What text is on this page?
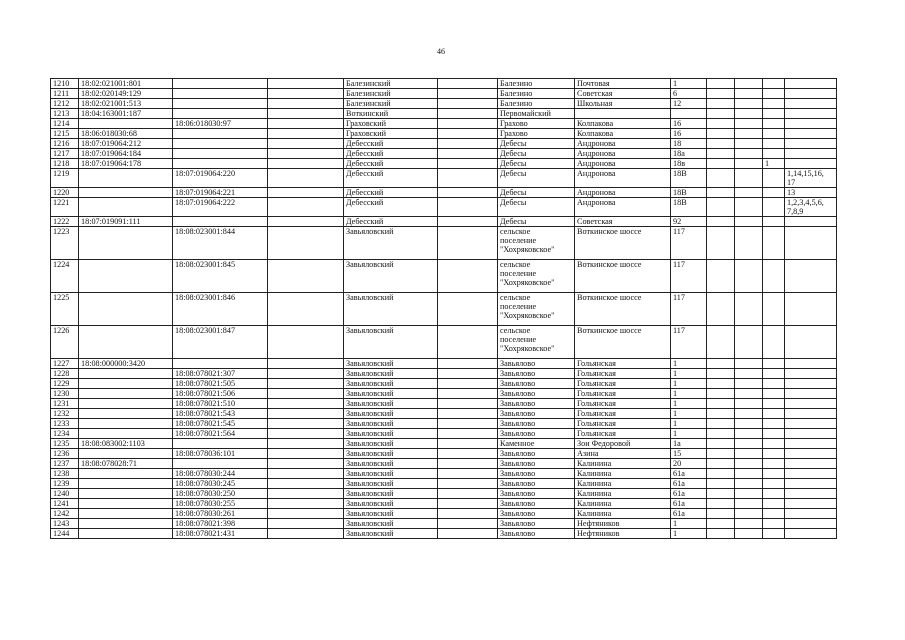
46
1210	18:02:021001:801			Балезинский		Балезино	Почтовая	1				
1211	18:02:020149:129			Балезинский		Балезино	Советская	6				
1212	18:02:021001:513			Балезинский		Балезино	Школьная	12				
1213	18:04:163001:187			Воткинский		Первомайский						
1214		18:06:018030:97		Граховский		Грахово	Колпакова	16				
1215	18:06:018030:68			Граховский		Грахово	Колпакова	16				
1216	18:07:019064:212			Дебесский		Дебесы	Андронова	18				
1217	18:07:019064:184			Дебесский		Дебесы	Андронова	18а				
1218	18:07:019064:178			Дебесский		Дебесы	Андронова	18в			1	
1219		18:07:019064:220		Дебесский		Дебесы	Андронова	18В				1,14,15,16,
17
1220		18:07:019064:221		Дебесский		Дебесы	Андронова	18В				13
1221		18:07:019064:222		Дебесский		Дебесы	Андронова	18В				1,2,3,4,5,6,
7,8,9
1222	18:07:019091:111			Дебесский		Дебесы	Советская	92				
1223		18:08:023001:844		Завьяловский		сельское
поселение
"Хохряковское"	Воткинское шоссе	117				
1224		18:08:023001:845		Завьяловский		сельское
поселение
"Хохряковское"	Воткинское шоссе	117				
1225		18:08:023001:846		Завьяловский		сельское
поселение
"Хохряковское"	Воткинское шоссе	117				
1226		18:08:023001:847		Завьяловский		сельское
поселение
"Хохряковское"	Воткинское шоссе	117				
1227	18:08:000000:3420			Завьяловский		Завьялово	Гольянская	1				
1228		18:08:078021:307		Завьяловский		Завьялово	Гольянская	1				
1229		18:08:078021:505		Завьяловский		Завьялово	Гольянская	1				
1230		18:08:078021:506		Завьяловский		Завьялово	Гольянская	1				
1231		18:08:078021:510		Завьяловский		Завьялово	Гольянская	1				
1232		18:08:078021:543		Завьяловский		Завьялово	Гольянская	1				
1233		18:08:078021:545		Завьяловский		Завьялово	Гольянская	1				
1234		18:08:078021:564		Завьяловский		Завьялово	Гольянская	1				
1235	18:08:083002:1103			Завьяловский		Каменное	Зои Федоровой	1а				
1236		18:08:078036:101		Завьяловский		Завьялово	Азина	15				
1237	18:08:078028:71			Завьяловский		Завьялово	Калинина	20				
1238		18:08:078030:244		Завьяловский		Завьялово	Калинина	61а				
1239		18:08:078030:245		Завьяловский		Завьялово	Калинина	61а				
1240		18:08:078030:250		Завьяловский		Завьялово	Калинина	61а				
1241		18:08:078030:255		Завьяловский		Завьялово	Калинина	61а				
1242		18:08:078030:261		Завьяловский		Завьялово	Калинина	61а				
1243		18:08:078021:398		Завьяловский		Завьялово	Нефтяников	1				
1244		18:08:078021:431		Завьяловский		Завьялово	Нефтяников	1				
